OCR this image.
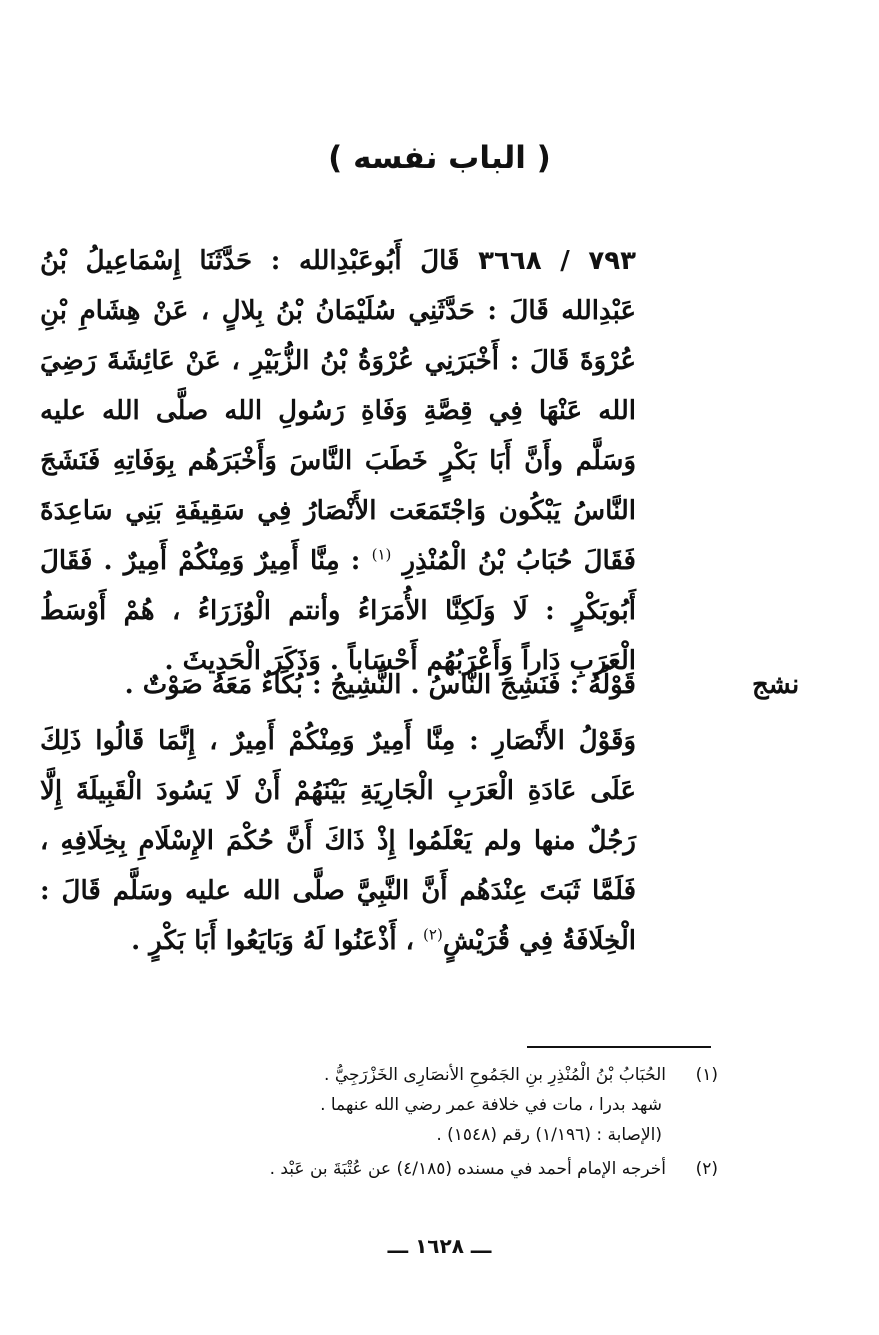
( الباب نفسه )
٧٩٣ / ٣٦٦٨ قَالَ أَبُوعَبْدِالله : حَدَّثَنَا إِسْمَاعِيلُ بْنُ عَبْدِالله قَالَ : حَدَّثَنِي سُلَيْمَانُ بْنُ بِلالٍ ، عَنْ هِشَامِ بْنِ عُرْوَةَ قَالَ : أَخْبَرَنِي عُرْوَةُ بْنُ الزُّبَيْرِ ، عَنْ عَائِشَةَ رَضِيَ الله عَنْهَا فِي قِصَّةِ وَفَاةِ رَسُولِ الله صلَّى الله عليه وَسَلَّم وأَنَّ أَبَا بَكْرٍ خَطَبَ النَّاسَ وَأَخْبَرَهُم بِوَفَاتِهِ فَنَشَجَ النَّاسُ يَبْكُون وَاجْتَمَعَت الأَنْصَارُ فِي سَقِيفَةِ بَنِي سَاعِدَةَ فَقَالَ حُبَابُ بْنُ الْمُنْذِرِ $^{(١)}$ : مِنَّا أَمِيرٌ وَمِنْكُمْ أَمِيرٌ . فَقَالَ أَبُوبَكْرٍ : لَا وَلَكِنَّا الأُمَرَاءُ وأنتم الْوُزَرَاءُ ، هُمْ أَوْسَطُ الْعَرَبِ دَاراً وَأَعْرَبُهُم أَحْسَاباً . وَذَكَرَ الْحَدِيثَ .
قَوْلُهُ : فَنَشِجَ النَّاسُ . النَّشِيجُ : بُكَاءٌ مَعَهُ صَوْتٌ .	نشج
وَقَوْلُ الأَنْصَارِ : مِنَّا أَمِيرٌ وَمِنْكُمْ أَمِيرٌ ، إِنَّمَا قَالُوا ذَلِكَ عَلَى عَادَةِ الْعَرَبِ الْجَارِيَةِ بَيْنَهُمْ أَنْ لَا يَسُودَ الْقَبِيلَةَ إِلَّا رَجُلٌ منها ولم يَعْلَمُوا إِذْ ذَاكَ أَنَّ حُكْمَ الإِسْلَامِ بِخِلَافِهِ ، فَلَمَّا ثَبَتَ عِنْدَهُم أَنَّ النَّبِيَّ صلَّى الله عليه وسَلَّم قَالَ : الْخِلَافَةُ فِي قُرَيْشٍ$^{(٢)}$ ، أَذْعَنُوا لَهُ وَبَايَعُوا أَبَا بَكْرٍ .
(١)الحُبَابُ بْنُ الْمُنْذِرِ بنِ الجَمُوحِ الأنصَارِى الخَزْرَجِيُّ .
شهد بدرا ، مات في خلافة عمر رضي الله عنهما .
(الإصابة : (١/١٩٦) رقم (١٥٤٨) .
(٢)أخرجه الإمام أحمد في مسنده (٤/١٨٥) عن عُتْبَةَ بن عَبْد .
ـــ ١٦٢٨ ـــ
